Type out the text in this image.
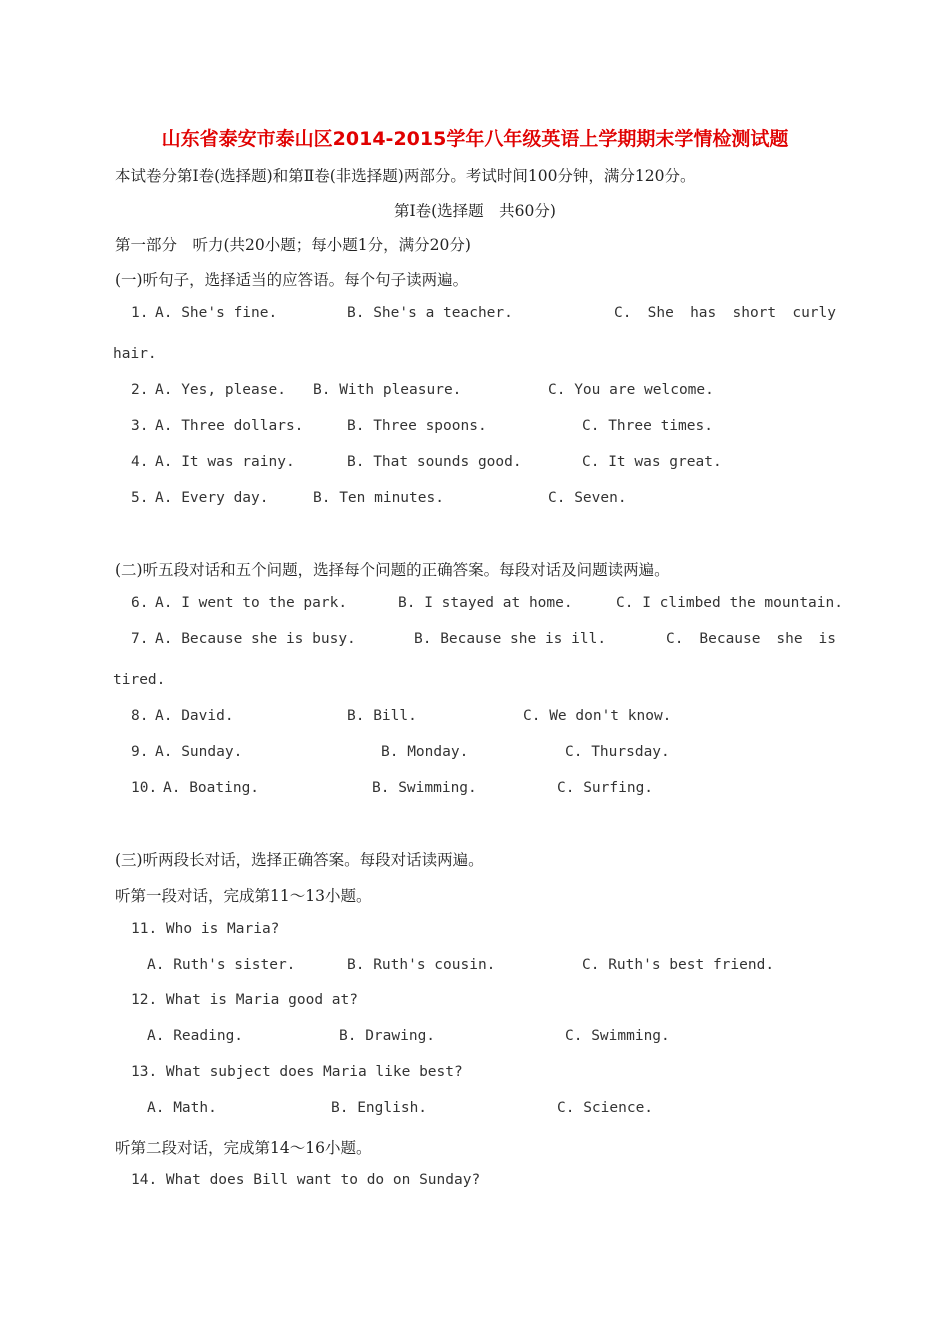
山东省泰安市泰山区2014-2015学年八年级英语上学期期末学情检测试题
本试卷分第Ⅰ卷(选择题)和第Ⅱ卷(非选择题)两部分。考试时间100分钟，满分120分。
第Ⅰ卷(选择题　共60分)
第一部分　听力(共20小题；每小题1分，满分20分)
(一)听句子，选择适当的应答语。每个句子读两遍。
1. A. She's fine.	B. She's a teacher.	C. She has short curly
hair.
2. A. Yes, please. B. With pleasure.	C. You are welcome.
3. A. Three dollars.	B. Three spoons.	C. Three times.
4. A. It was rainy.	B. That sounds good.	C. It was great.
5. A. Every day.	B. Ten minutes.	C. Seven.
(二)听五段对话和五个问题，选择每个问题的正确答案。每段对话及问题读两遍。
6. A. I went to the park.	B. I stayed at home.	C. I climbed the mountain.
7. A. Because she is busy.	B. Because she is ill.	C. Because she is
tired.
8. A. David.	B. Bill.	C. We don't know.
9. A. Sunday.	B. Monday.	C. Thursday.
10. A. Boating.	B. Swimming.	C. Surfing.
(三)听两段长对话，选择正确答案。每段对话读两遍。
听第一段对话，完成第11～13小题。
11. Who is Maria?
A. Ruth's sister.	B. Ruth's cousin.	C. Ruth's best friend.
12. What is Maria good at?
A. Reading.	B. Drawing.	C. Swimming.
13. What subject does Maria like best?
A. Math.	B. English.	C. Science.
听第二段对话，完成第14～16小题。
14. What does Bill want to do on Sunday?
